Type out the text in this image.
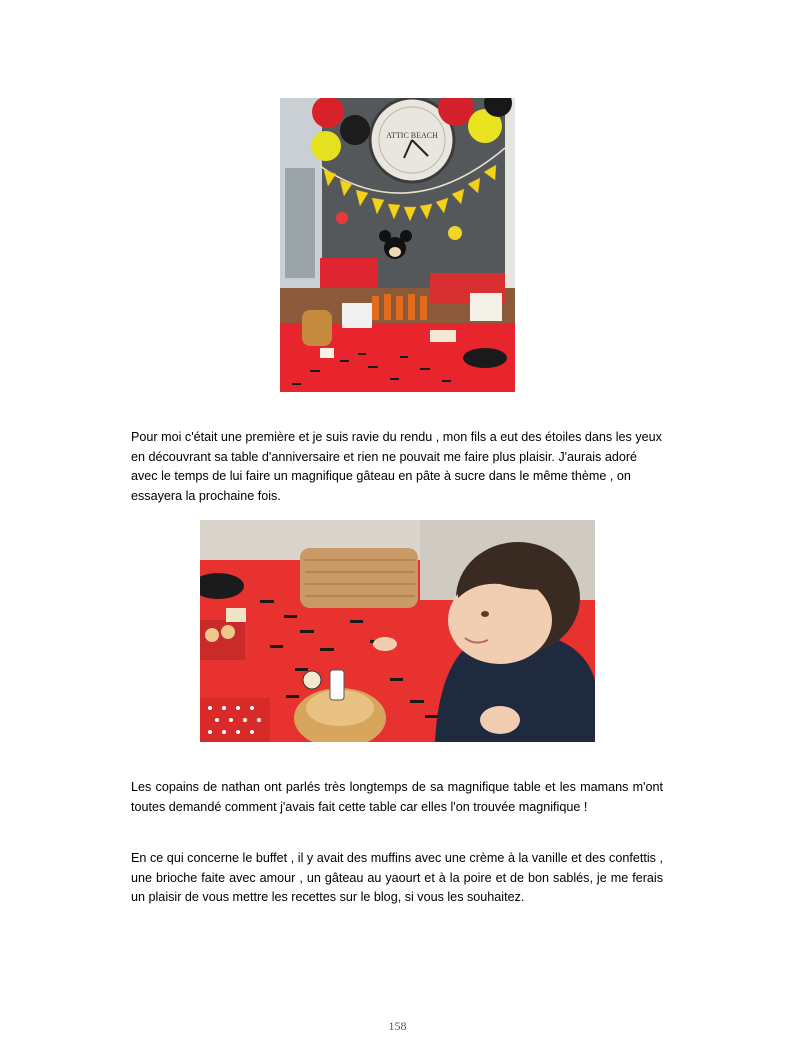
ATTIC BEACH

Pour moi c'était une première et je suis ravie du rendu , mon fils a eut des étoiles dans les yeux en découvrant sa table d'anniversaire et rien ne pouvait me faire plus plaisir. J'aurais adoré avec le temps de lui faire un magnifique gâteau en pâte à sucre dans le même thème , on essayera la prochaine fois.

Les copains de nathan ont parlés très longtemps de sa magnifique table et les mamans m'ont toutes demandé comment j'avais fait cette table car elles l'on trouvée magnifique !

En ce qui concerne le buffet , il y avait des muffins avec une crème à la vanille et des confettis , une brioche faite avec amour , un gâteau au yaourt et à la poire et de bon sablés, je me ferais un plaisir de vous mettre les recettes sur le blog, si vous les souhaitez.

158
